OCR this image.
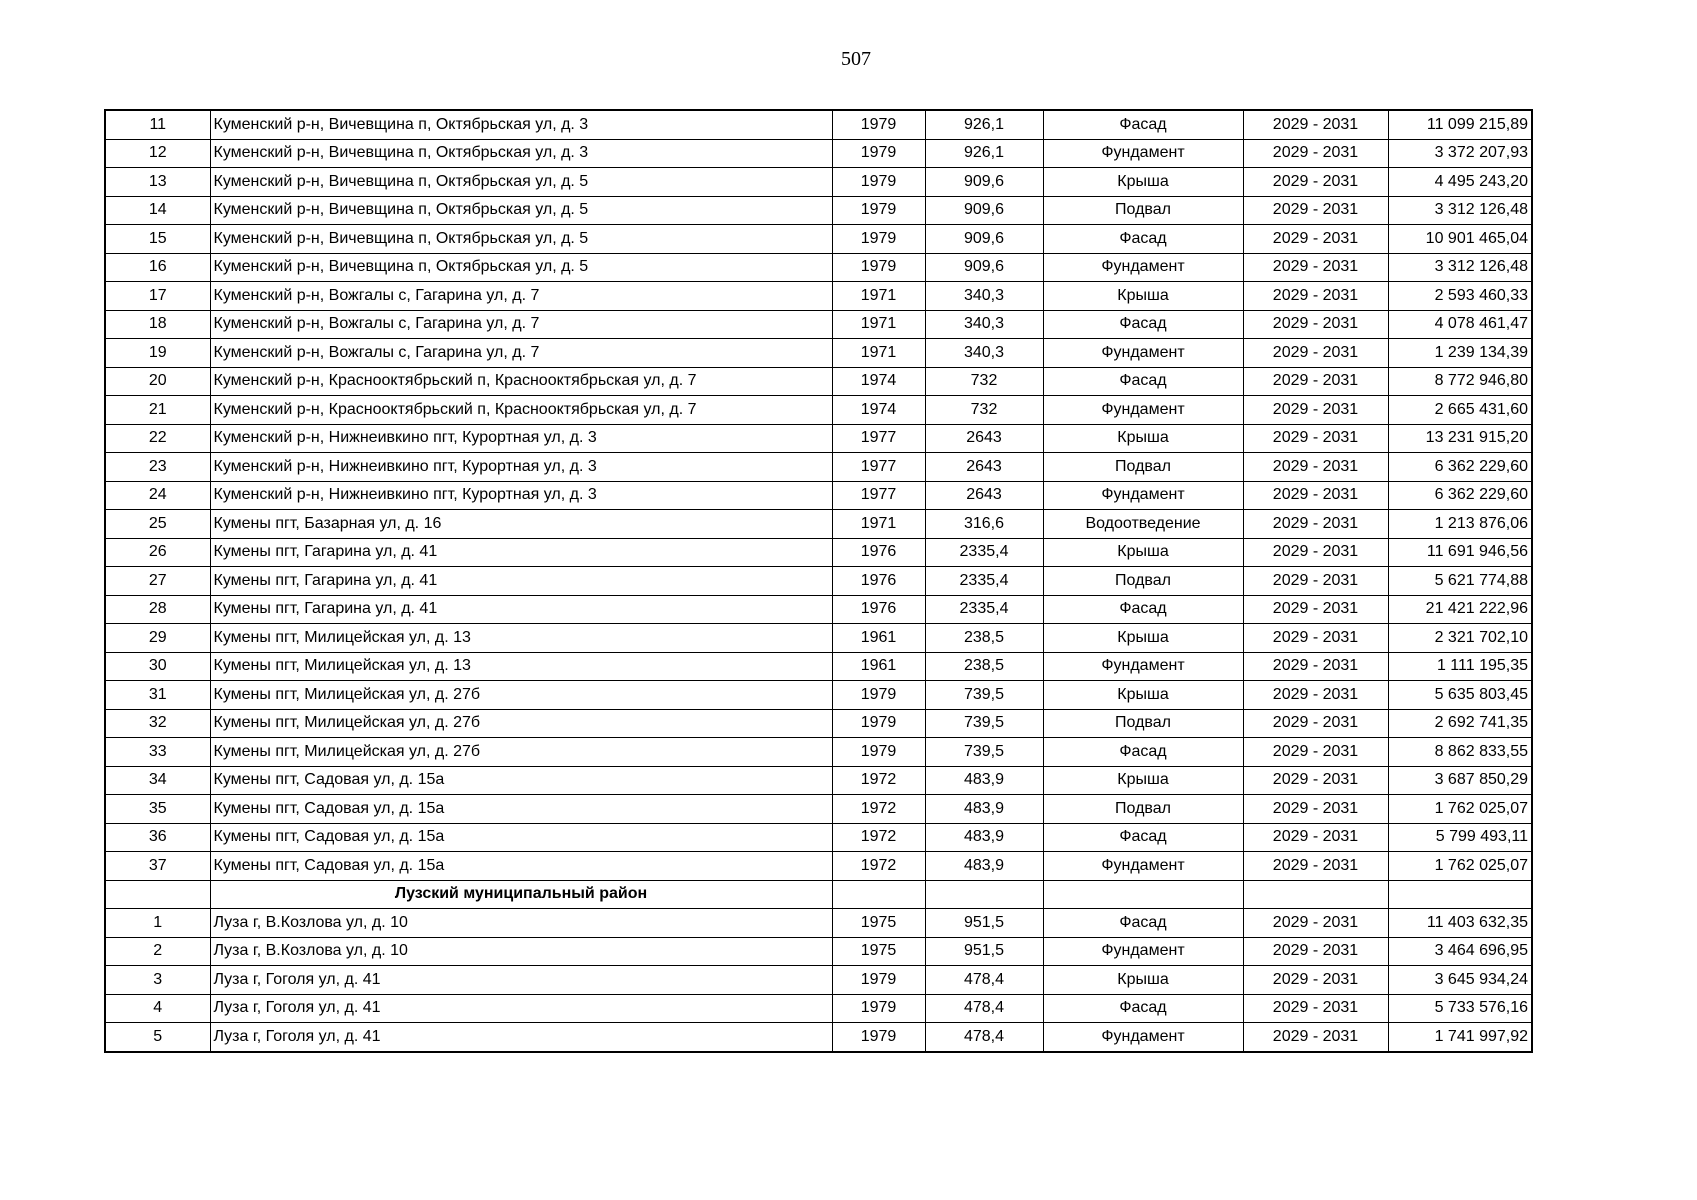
507
11	Куменский р-н, Вичевщина п, Октябрьская ул, д. 3	1979	926,1	Фасад	2029 - 2031	11 099 215,89
12	Куменский р-н, Вичевщина п, Октябрьская ул, д. 3	1979	926,1	Фундамент	2029 - 2031	3 372 207,93
13	Куменский р-н, Вичевщина п, Октябрьская ул, д. 5	1979	909,6	Крыша	2029 - 2031	4 495 243,20
14	Куменский р-н, Вичевщина п, Октябрьская ул, д. 5	1979	909,6	Подвал	2029 - 2031	3 312 126,48
15	Куменский р-н, Вичевщина п, Октябрьская ул, д. 5	1979	909,6	Фасад	2029 - 2031	10 901 465,04
16	Куменский р-н, Вичевщина п, Октябрьская ул, д. 5	1979	909,6	Фундамент	2029 - 2031	3 312 126,48
17	Куменский р-н, Вожгалы с, Гагарина ул, д. 7	1971	340,3	Крыша	2029 - 2031	2 593 460,33
18	Куменский р-н, Вожгалы с, Гагарина ул, д. 7	1971	340,3	Фасад	2029 - 2031	4 078 461,47
19	Куменский р-н, Вожгалы с, Гагарина ул, д. 7	1971	340,3	Фундамент	2029 - 2031	1 239 134,39
20	Куменский р-н, Краснооктябрьский п, Краснооктябрьская ул, д. 7	1974	732	Фасад	2029 - 2031	8 772 946,80
21	Куменский р-н, Краснооктябрьский п, Краснооктябрьская ул, д. 7	1974	732	Фундамент	2029 - 2031	2 665 431,60
22	Куменский р-н, Нижнеивкино пгт, Курортная ул, д. 3	1977	2643	Крыша	2029 - 2031	13 231 915,20
23	Куменский р-н, Нижнеивкино пгт, Курортная ул, д. 3	1977	2643	Подвал	2029 - 2031	6 362 229,60
24	Куменский р-н, Нижнеивкино пгт, Курортная ул, д. 3	1977	2643	Фундамент	2029 - 2031	6 362 229,60
25	Кумены пгт, Базарная ул, д. 16	1971	316,6	Водоотведение	2029 - 2031	1 213 876,06
26	Кумены пгт, Гагарина ул, д. 41	1976	2335,4	Крыша	2029 - 2031	11 691 946,56
27	Кумены пгт, Гагарина ул, д. 41	1976	2335,4	Подвал	2029 - 2031	5 621 774,88
28	Кумены пгт, Гагарина ул, д. 41	1976	2335,4	Фасад	2029 - 2031	21 421 222,96
29	Кумены пгт, Милицейская ул, д. 13	1961	238,5	Крыша	2029 - 2031	2 321 702,10
30	Кумены пгт, Милицейская ул, д. 13	1961	238,5	Фундамент	2029 - 2031	1 111 195,35
31	Кумены пгт, Милицейская ул, д. 27б	1979	739,5	Крыша	2029 - 2031	5 635 803,45
32	Кумены пгт, Милицейская ул, д. 27б	1979	739,5	Подвал	2029 - 2031	2 692 741,35
33	Кумены пгт, Милицейская ул, д. 27б	1979	739,5	Фасад	2029 - 2031	8 862 833,55
34	Кумены пгт, Садовая ул, д. 15а	1972	483,9	Крыша	2029 - 2031	3 687 850,29
35	Кумены пгт, Садовая ул, д. 15а	1972	483,9	Подвал	2029 - 2031	1 762 025,07
36	Кумены пгт, Садовая ул, д. 15а	1972	483,9	Фасад	2029 - 2031	5 799 493,11
37	Кумены пгт, Садовая ул, д. 15а	1972	483,9	Фундамент	2029 - 2031	1 762 025,07
	Лузский муниципальный район					
1	Луза г, В.Козлова ул, д. 10	1975	951,5	Фасад	2029 - 2031	11 403 632,35
2	Луза г, В.Козлова ул, д. 10	1975	951,5	Фундамент	2029 - 2031	3 464 696,95
3	Луза г, Гоголя ул, д. 41	1979	478,4	Крыша	2029 - 2031	3 645 934,24
4	Луза г, Гоголя ул, д. 41	1979	478,4	Фасад	2029 - 2031	5 733 576,16
5	Луза г, Гоголя ул, д. 41	1979	478,4	Фундамент	2029 - 2031	1 741 997,92
